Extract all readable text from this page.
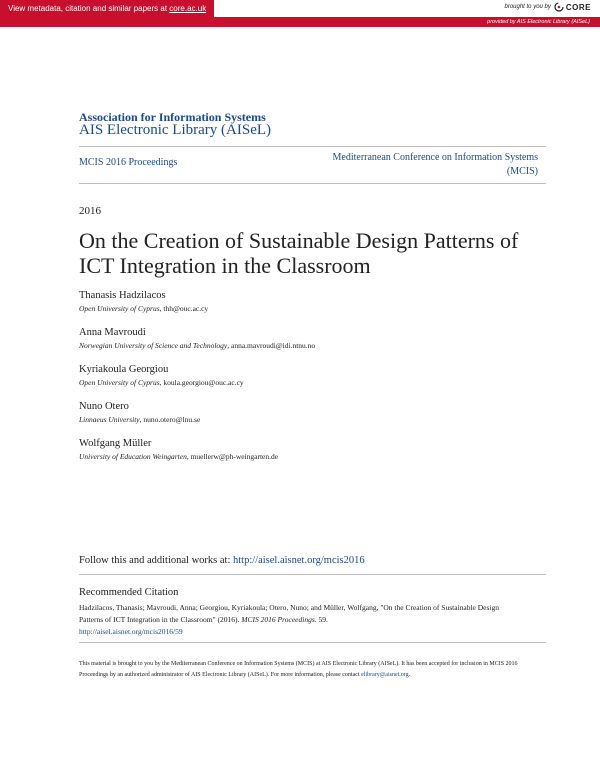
View metadata, citation and similar papers at core.ac.uk	brought to you by CORE
provided by AIS Electronic Library (AISeL)
Association for Information Systems
AIS Electronic Library (AISeL)
MCIS 2016 Proceedings	Mediterranean Conference on Information Systems
(MCIS)
2016
On the Creation of Sustainable Design Patterns of ICT Integration in the Classroom
Thanasis Hadzilacos
Open University of Cyprus, thh@ouc.ac.cy
Anna Mavroudi
Norwegian University of Science and Technology, anna.mavroudi@idi.ntnu.no
Kyriakoula Georgiou
Open University of Cyprus, koula.georgiou@ouc.ac.cy
Nuno Otero
Linnaeus University, nuno.otero@lnu.se
Wolfgang Müller
University of Education Weingarten, muellerw@ph-weingarten.de
Follow this and additional works at: http://aisel.aisnet.org/mcis2016
Recommended Citation
Hadzilacos, Thanasis; Mavroudi, Anna; Georgiou, Kyriakoula; Otero, Nuno; and Müller, Wolfgang, "On the Creation of Sustainable Design Patterns of ICT Integration in the Classroom" (2016). MCIS 2016 Proceedings. 59.
http://aisel.aisnet.org/mcis2016/59
This material is brought to you by the Mediterranean Conference on Information Systems (MCIS) at AIS Electronic Library (AISeL). It has been accepted for inclusion in MCIS 2016 Proceedings by an authorized administrator of AIS Electronic Library (AISeL). For more information, please contact elibrary@aisnet.org.
